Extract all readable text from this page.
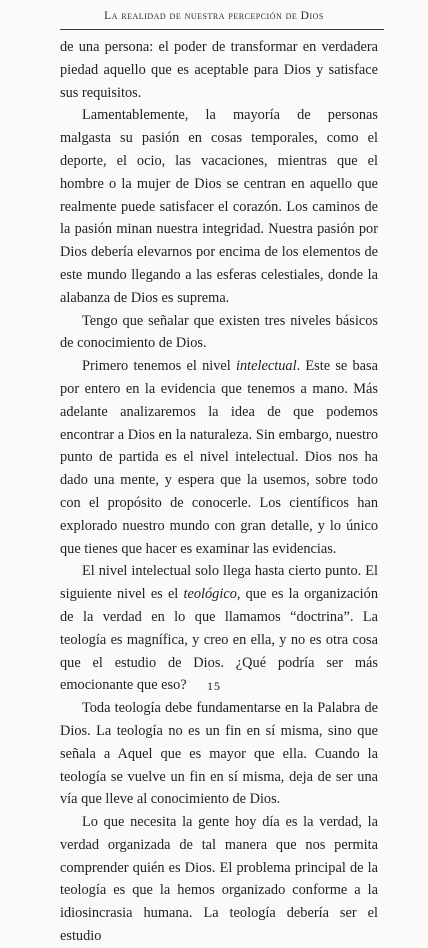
La realidad de nuestra percepción de Dios

de una persona: el poder de transformar en verdadera piedad aquello que es aceptable para Dios y satisface sus requisitos.

Lamentablemente, la mayoría de personas malgasta su pasión en cosas temporales, como el deporte, el ocio, las vacaciones, mientras que el hombre o la mujer de Dios se centran en aquello que realmente puede satisfacer el corazón. Los caminos de la pasión minan nuestra integridad. Nuestra pasión por Dios debería elevarnos por encima de los elementos de este mundo llegando a las esferas celestiales, donde la alabanza de Dios es suprema.

Tengo que señalar que existen tres niveles básicos de conocimiento de Dios.

Primero tenemos el nivel intelectual. Este se basa por entero en la evidencia que tenemos a mano. Más adelante analizaremos la idea de que podemos encontrar a Dios en la naturaleza. Sin embargo, nuestro punto de partida es el nivel intelectual. Dios nos ha dado una mente, y espera que la usemos, sobre todo con el propósito de conocerle. Los científicos han explorado nuestro mundo con gran detalle, y lo único que tienes que hacer es examinar las evidencias.

El nivel intelectual solo llega hasta cierto punto. El siguiente nivel es el teológico, que es la organización de la verdad en lo que llamamos “doctrina”. La teología es magnífica, y creo en ella, y no es otra cosa que el estudio de Dios. ¿Qué podría ser más emocionante que eso?

Toda teología debe fundamentarse en la Palabra de Dios. La teología no es un fin en sí misma, sino que señala a Aquel que es mayor que ella. Cuando la teología se vuelve un fin en sí misma, deja de ser una vía que lleve al conocimiento de Dios.

Lo que necesita la gente hoy día es la verdad, la verdad organizada de tal manera que nos permita comprender quién es Dios. El problema principal de la teología es que la hemos organizado conforme a la idiosincrasia humana. La teología debería ser el estudio

15
